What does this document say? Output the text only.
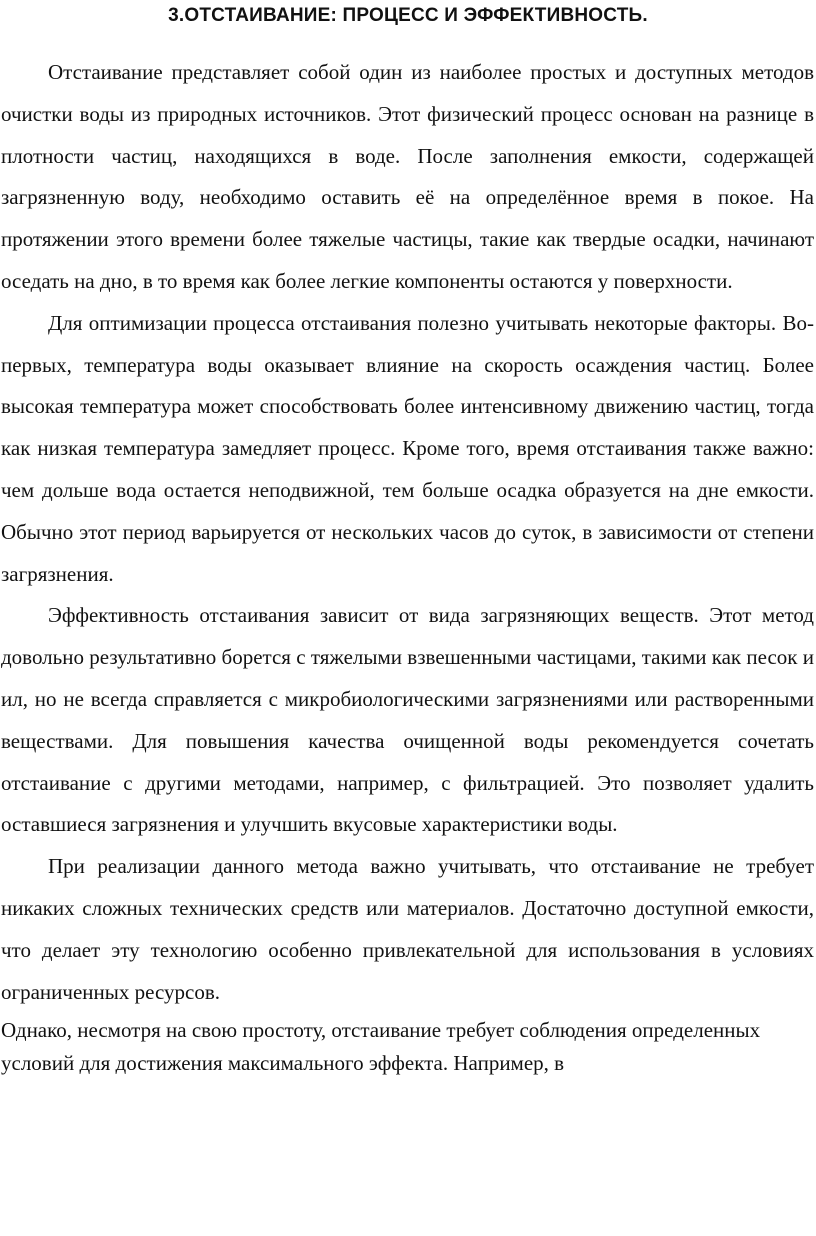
3.ОТСТАИВАНИЕ: ПРОЦЕСС И ЭФФЕКТИВНОСТЬ.

Отстаивание представляет собой один из наиболее простых и доступных методов очистки воды из природных источников. Этот физический процесс основан на разнице в плотности частиц, находящихся в воде. После заполнения емкости, содержащей загрязненную воду, необходимо оставить её на определённое время в покое. На протяжении этого времени более тяжелые частицы, такие как твердые осадки, начинают оседать на дно, в то время как более легкие компоненты остаются у поверхности.

Для оптимизации процесса отстаивания полезно учитывать некоторые факторы. Во-первых, температура воды оказывает влияние на скорость осаждения частиц. Более высокая температура может способствовать более интенсивному движению частиц, тогда как низкая температура замедляет процесс. Кроме того, время отстаивания также важно: чем дольше вода остается неподвижной, тем больше осадка образуется на дне емкости. Обычно этот период варьируется от нескольких часов до суток, в зависимости от степени загрязнения.

Эффективность отстаивания зависит от вида загрязняющих веществ. Этот метод довольно результативно борется с тяжелыми взвешенными частицами, такими как песок и ил, но не всегда справляется с микробиологическими загрязнениями или растворенными веществами. Для повышения качества очищенной воды рекомендуется сочетать отстаивание с другими методами, например, с фильтрацией. Это позволяет удалить оставшиеся загрязнения и улучшить вкусовые характеристики воды.

При реализации данного метода важно учитывать, что отстаивание не требует никаких сложных технических средств или материалов. Достаточно доступной емкости, что делает эту технологию особенно привлекательной для использования в условиях ограниченных ресурсов.

Однако, несмотря на свою простоту, отстаивание требует соблюдения определенных условий для достижения максимального эффекта. Например, в
